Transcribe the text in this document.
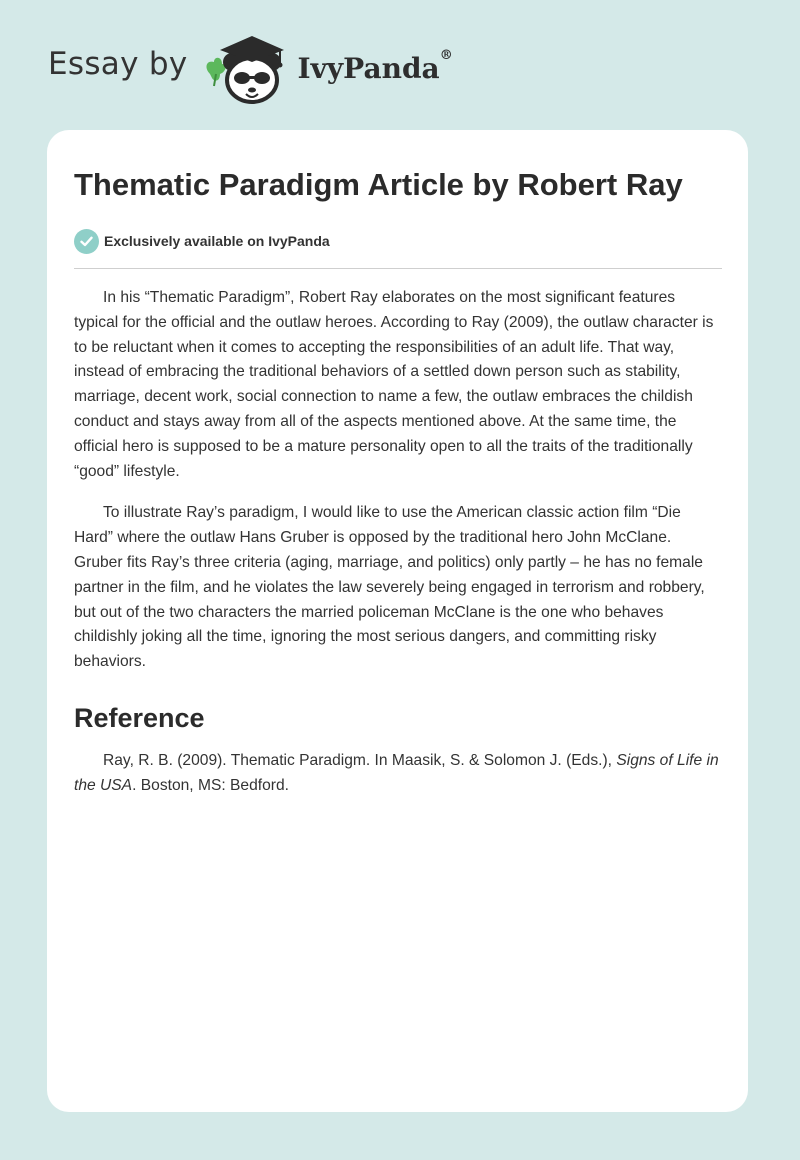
Essay by	IvyPanda®
Thematic Paradigm Article by Robert Ray
Exclusively available on IvyPanda

In his “Thematic Paradigm”, Robert Ray elaborates on the most significant features typical for the official and the outlaw heroes. According to Ray (2009), the outlaw character is to be reluctant when it comes to accepting the responsibilities of an adult life. That way, instead of embracing the traditional behaviors of a settled down person such as stability, marriage, decent work, social connection to name a few, the outlaw embraces the childish conduct and stays away from all of the aspects mentioned above. At the same time, the official hero is supposed to be a mature personality open to all the traits of the traditionally “good” lifestyle.

To illustrate Ray’s paradigm, I would like to use the American classic action film “Die Hard” where the outlaw Hans Gruber is opposed by the traditional hero John McClane. Gruber fits Ray’s three criteria (aging, marriage, and politics) only partly – he has no female partner in the film, and he violates the law severely being engaged in terrorism and robbery, but out of the two characters the married policeman McClane is the one who behaves childishly joking all the time, ignoring the most serious dangers, and committing risky behaviors.

Reference

Ray, R. B. (2009). Thematic Paradigm. In Maasik, S. & Solomon J. (Eds.), Signs of Life in the USA. Boston, MS: Bedford.
